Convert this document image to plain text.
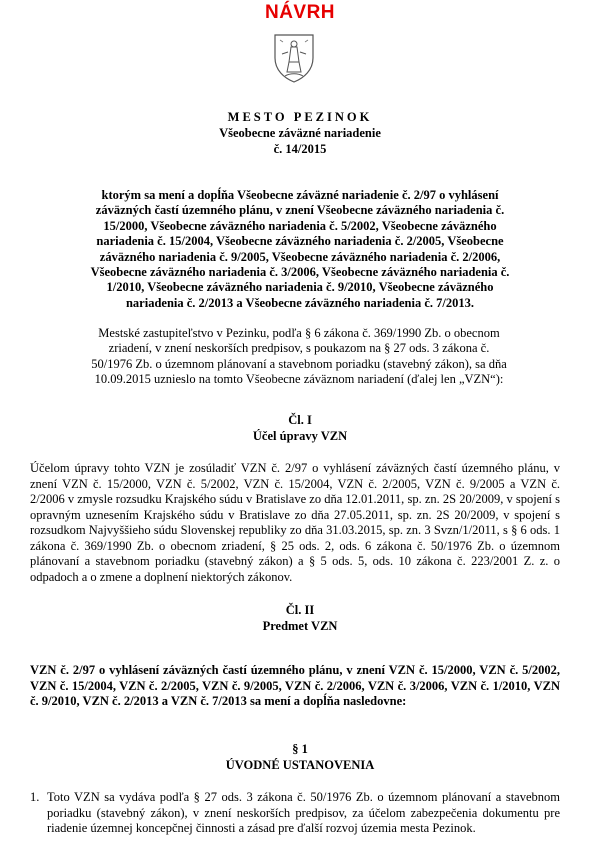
NÁVRH
MESTO PEZINOK
Všeobecne záväzné nariadenie
č. 14/2015
ktorým sa mení a dopĺňa Všeobecne záväzné nariadenie č. 2/97 o vyhlásení záväzných častí územného plánu, v znení Všeobecne záväzného nariadenia č. 15/2000, Všeobecne záväzného nariadenia č. 5/2002, Všeobecne záväzného nariadenia č. 15/2004, Všeobecne záväzného nariadenia č. 2/2005, Všeobecne záväzného nariadenia č. 9/2005, Všeobecne záväzného nariadenia č. 2/2006, Všeobecne záväzného nariadenia č. 3/2006, Všeobecne záväzného nariadenia č. 1/2010, Všeobecne záväzného nariadenia č. 9/2010, Všeobecne záväzného nariadenia č. 2/2013 a Všeobecne záväzného nariadenia č. 7/2013.
Mestské zastupiteľstvo v Pezinku, podľa § 6 zákona č. 369/1990 Zb. o obecnom zriadení, v znení neskorších predpisov, s poukazom na § 27 ods. 3 zákona č. 50/1976 Zb. o územnom plánovaní a stavebnom poriadku (stavebný zákon), sa dňa 10.09.2015 uznieslo na tomto Všeobecne záväznom nariadení (ďalej len „VZN“):
Čl. I
Účel úpravy VZN
Účelom úpravy tohto VZN je zosúladiť VZN č. 2/97 o vyhlásení záväzných častí územného plánu, v znení VZN č. 15/2000, VZN č. 5/2002, VZN č. 15/2004, VZN č. 2/2005, VZN č. 9/2005 a VZN č. 2/2006 v zmysle rozsudku Krajského súdu v Bratislave zo dňa 12.01.2011, sp. zn. 2S 20/2009, v spojení s opravným uznesením Krajského súdu v Bratislave zo dňa 27.05.2011, sp. zn. 2S 20/2009, v spojení s rozsudkom Najvyššieho súdu Slovenskej republiky zo dňa 31.03.2015, sp. zn. 3 Svzn/1/2011, s § 6 ods. 1 zákona č. 369/1990 Zb. o obecnom zriadení, § 25 ods. 2, ods. 6 zákona č. 50/1976 Zb. o územnom plánovaní a stavebnom poriadku (stavebný zákon) a § 5 ods. 5, ods. 10 zákona č. 223/2001 Z. z. o odpadoch a o zmene a doplnení niektorých zákonov.
Čl. II
Predmet VZN
VZN č. 2/97 o vyhlásení záväzných častí územného plánu, v znení VZN č. 15/2000, VZN č. 5/2002, VZN č. 15/2004, VZN č. 2/2005, VZN č. 9/2005, VZN č. 2/2006, VZN č. 3/2006, VZN č. 1/2010, VZN č. 9/2010, VZN č. 2/2013 a VZN č. 7/2013 sa mení a dopĺňa nasledovne:
§ 1
ÚVODNÉ USTANOVENIA
1. Toto VZN sa vydáva podľa § 27 ods. 3 zákona č. 50/1976 Zb. o územnom plánovaní a stavebnom poriadku (stavebný zákon), v znení neskorších predpisov, za účelom zabezpečenia dokumentu pre riadenie územnej koncepčnej činnosti a zásad pre ďalší rozvoj územia mesta Pezinok.
